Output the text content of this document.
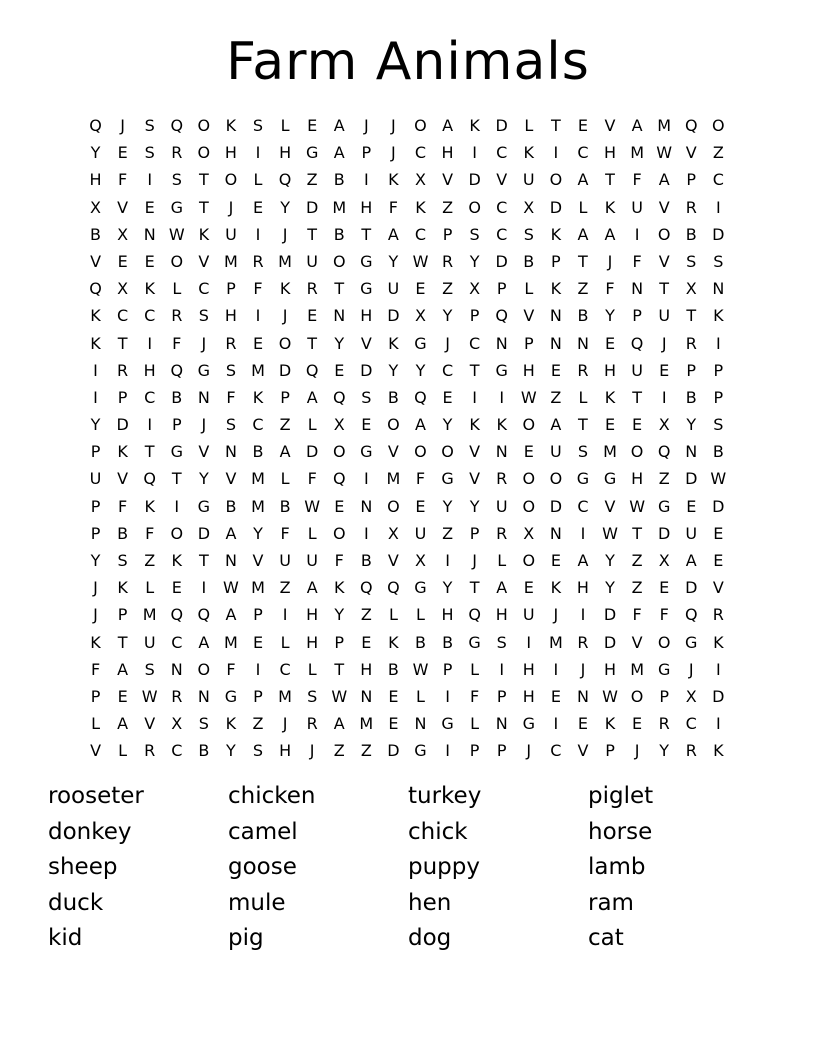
Farm Animals
Q	J	S Q O K	S	L	E	A	J	J	O A	K D	L	T	E	V	A M Q O
Y	E	S	R O H	I	H G A	P	J	C H	I	C	K	I	C H M W V	Z
H	F	I	S	T O	L	Q Z	B	I	K	X	V D V U O A	T	F	A	P	C
X	V	E G T	J	E	Y	D M H	F	K	Z O C	X D	L	K U V	R	I
B	X N W K U	I	J	T	B	T	A	C	P	S	C	S	K	A	A	I	O B D
V	E	E O V M R M U O G Y W R	Y	D B	P	T	J	F	V	S	S
Q X	K	L	C	P	F	K	R	T G U	E	Z	X	P	L	K	Z	F	N	T	X N
K	C C R	S H	I	J	E	N H D X	Y	P Q V N B	Y	P	U	T	K
K	T	I	F	J	R	E O T	Y	V	K G	J	C N	P	N N	E Q	J	R	I
I	R H Q G S M D Q E D	Y	Y	C	T G H	E	R H U	E	P	P
I	P	C	B N	F	K	P	A Q S	B Q E	I	I	W Z	L	K	T	I	B	P
Y	D	I	P	J	S	C	Z	L	X	E O A	Y	K	K O A	T	E	E	X	Y	S
P	K	T G V N B	A D O G V O O V N	E	U	S M O Q N B
U V Q T	Y	V M L	F	Q	I	M F	G V	R O O G G H Z D W
P	F	K	I	G B M B W E	N O E	Y	Y	U O D C	V W G E D
P	B	F	O D A	Y	F	L	O	I	X U Z	P	R	X N	I	W T	D U	E
Y	S	Z	K	T	N V U U	F	B	V	X	I	J	L	O E	A	Y	Z	X	A	E
J	K	L	E	I	W M Z	A	K Q Q G Y	T	A	E	K H	Y	Z	E D V
J	P M Q Q A	P	I	H	Y	Z	L	L	H Q H U	J	I	D	F	F	Q R
K	T	U C	A M E	L	H	P	E	K	B	B G S	I	M R D V O G K
F	A	S	N O	F	I	C	L	T	H B W P	L	I	H	I	J	H M G	J	I
P	E W R N G	P M S W N	E	L	I	F	P	H	E	N W O P	X D
L	A	V	X	S	K	Z	J	R	A M E	N G	L	N G	I	E	K	E	R C	I
V	L	R C	B	Y	S H	J	Z	Z D G	I	P	P	J	C	V	P	J	Y	R	K
rooseter	chicken	turkey	piglet
donkey	camel	chick	horse
sheep	goose	puppy	lamb
duck	mule	hen	ram
kid	pig	dog	cat
